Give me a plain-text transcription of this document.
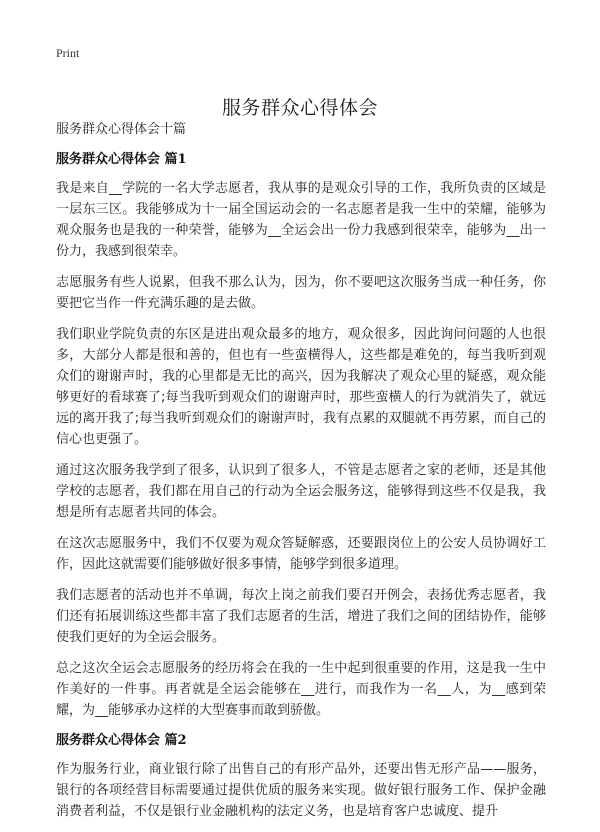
Print
服务群众心得体会

服务群众心得体会十篇

服务群众心得体会 篇1

我是来自__学院的一名大学志愿者，我从事的是观众引导的工作，我所负责的区域是一层东三区。我能够成为十一届全国运动会的一名志愿者是我一生中的荣耀，能够为观众服务也是我的一种荣誉，能够为__全运会出一份力我感到很荣幸，能够为__出一份力，我感到很荣幸。

志愿服务有些人说累，但我不那么认为，因为，你不要吧这次服务当成一种任务，你要把它当作一件充满乐趣的是去做。

我们职业学院负责的东区是进出观众最多的地方，观众很多，因此询问问题的人也很多，大部分人都是很和善的，但也有一些蛮横得人，这些都是难免的，每当我听到观众们的谢谢声时，我的心里都是无比的高兴，因为我解决了观众心里的疑惑，观众能够更好的看球赛了;每当我听到观众们的谢谢声时，那些蛮横人的行为就消失了，就远远的离开我了;每当我听到观众们的谢谢声时，我有点累的双腿就不再劳累，而自己的信心也更强了。

通过这次服务我学到了很多，认识到了很多人，不管是志愿者之家的老师，还是其他学校的志愿者，我们都在用自己的行动为全运会服务这，能够得到这些不仅是我，我想是所有志愿者共同的体会。

在这次志愿服务中，我们不仅要为观众答疑解惑，还要跟岗位上的公安人员协调好工作，因此这就需要们能够做好很多事情，能够学到很多道理。

我们志愿者的活动也并不单调，每次上岗之前我们要召开例会，表扬优秀志愿者，我们还有拓展训练这些都丰富了我们志愿者的生活，增进了我们之间的团结协作，能够使我们更好的为全运会服务。

总之这次全运会志愿服务的经历将会在我的一生中起到很重要的作用，这是我一生中作美好的一件事。再者就是全运会能够在__进行，而我作为一名__人，为__感到荣耀，为__能够承办这样的大型赛事而敢到骄傲。

服务群众心得体会 篇2

作为服务行业，商业银行除了出售自己的有形产品外，还要出售无形产品——服务，银行的各项经营目标需要通过提供优质的服务来实现。做好银行服务工作、保护金融消费者利益，不仅是银行业金融机构的法定义务，也是培育客户忠诚度、提升
